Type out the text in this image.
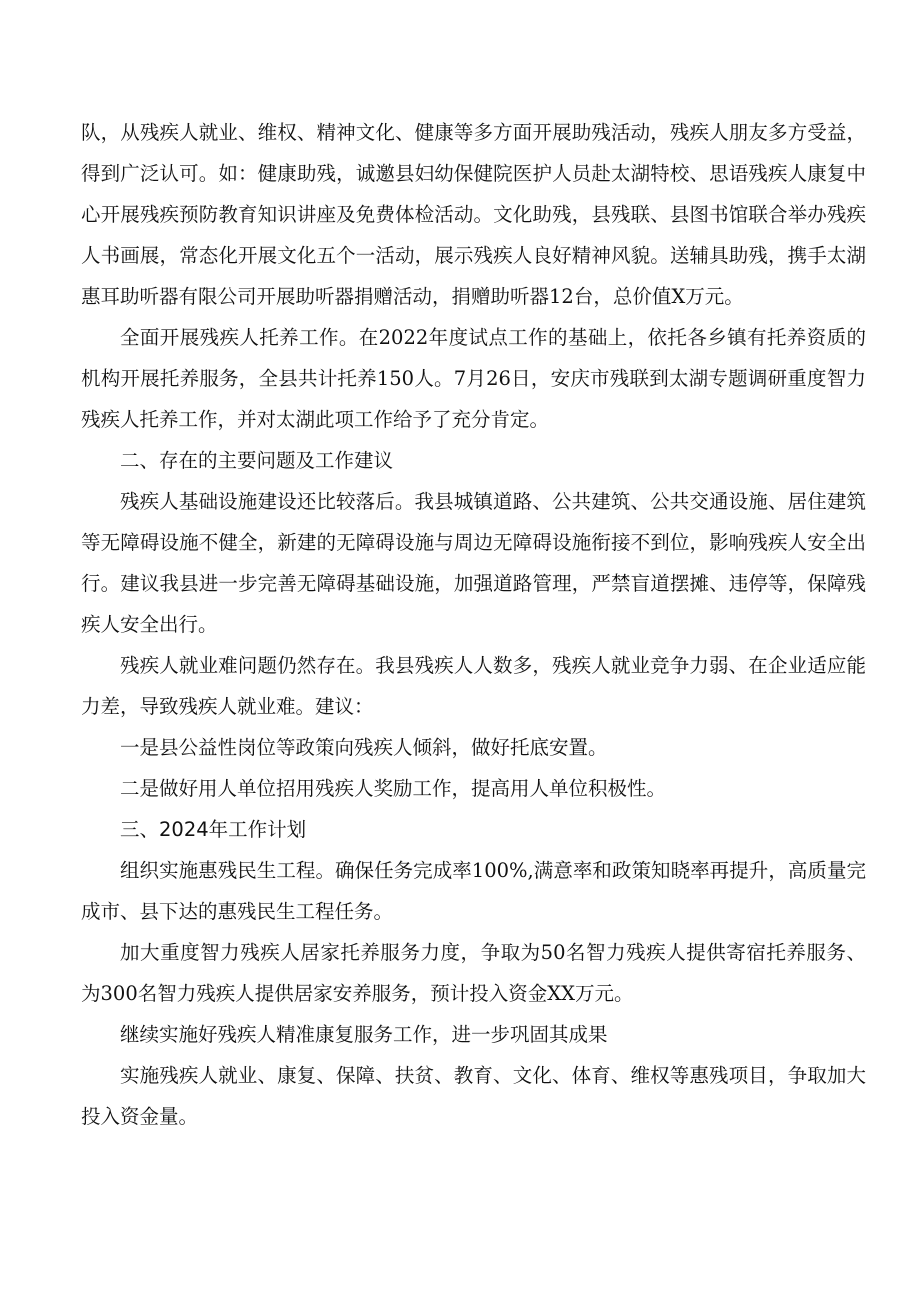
队，从残疾人就业、维权、精神文化、健康等多方面开展助残活动，残疾人朋友多方受益，得到广泛认可。如：健康助残，诚邀县妇幼保健院医护人员赴太湖特校、思语残疾人康复中心开展残疾预防教育知识讲座及免费体检活动。文化助残，县残联、县图书馆联合举办残疾人书画展，常态化开展文化五个一活动，展示残疾人良好精神风貌。送辅具助残，携手太湖惠耳助听器有限公司开展助听器捐赠活动，捐赠助听器12台，总价值X万元。

全面开展残疾人托养工作。在2022年度试点工作的基础上，依托各乡镇有托养资质的机构开展托养服务，全县共计托养150人。7月26日，安庆市残联到太湖专题调研重度智力残疾人托养工作，并对太湖此项工作给予了充分肯定。

二、存在的主要问题及工作建议

残疾人基础设施建设还比较落后。我县城镇道路、公共建筑、公共交通设施、居住建筑等无障碍设施不健全，新建的无障碍设施与周边无障碍设施衔接不到位，影响残疾人安全出行。建议我县进一步完善无障碍基础设施，加强道路管理，严禁盲道摆摊、违停等，保障残疾人安全出行。

残疾人就业难问题仍然存在。我县残疾人人数多，残疾人就业竞争力弱、在企业适应能力差，导致残疾人就业难。建议：

一是县公益性岗位等政策向残疾人倾斜，做好托底安置。

二是做好用人单位招用残疾人奖励工作，提高用人单位积极性。

三、2024年工作计划

组织实施惠残民生工程。确保任务完成率100%,满意率和政策知晓率再提升，高质量完成市、县下达的惠残民生工程任务。

加大重度智力残疾人居家托养服务力度，争取为50名智力残疾人提供寄宿托养服务、为300名智力残疾人提供居家安养服务，预计投入资金XX万元。

继续实施好残疾人精准康复服务工作，进一步巩固其成果

实施残疾人就业、康复、保障、扶贫、教育、文化、体育、维权等惠残项目，争取加大投入资金量。
